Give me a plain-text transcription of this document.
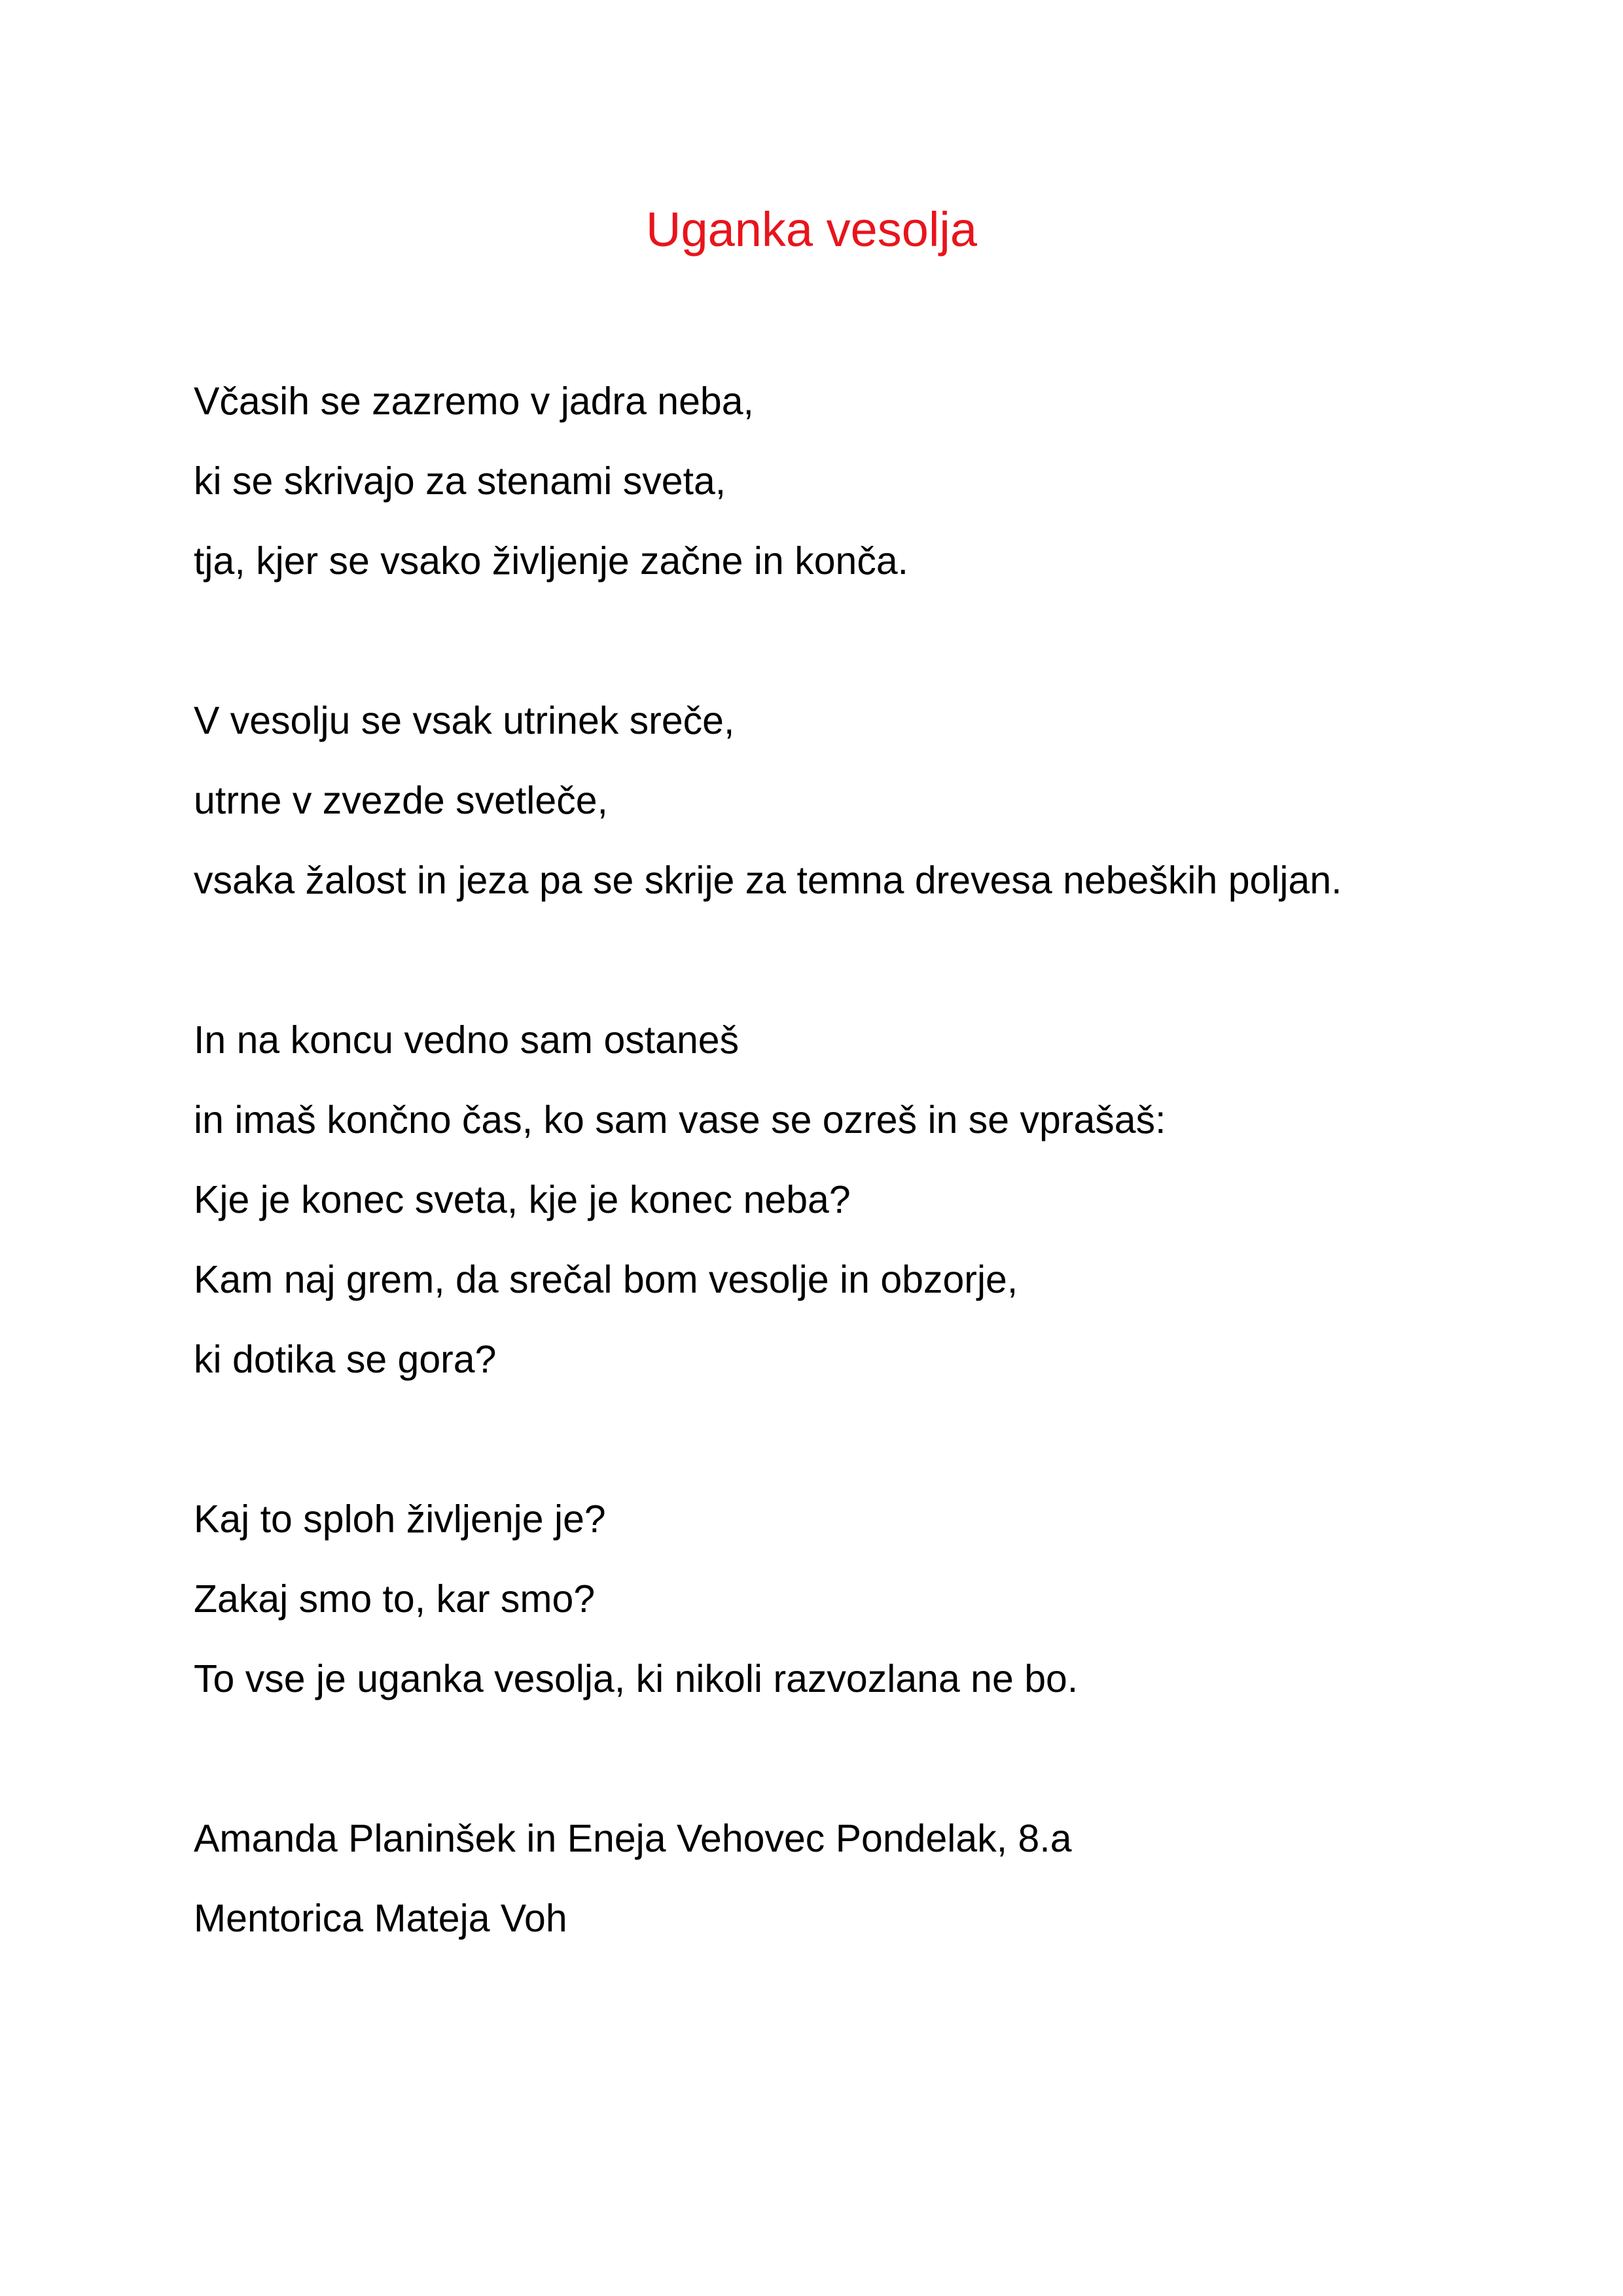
Uganka vesolja
Včasih se zazremo v jadra neba,
ki se skrivajo za stenami sveta,
tja, kjer se vsako življenje začne in konča.
V vesolju se vsak utrinek sreče,
utrne v zvezde svetleče,
vsaka žalost in jeza pa se skrije za temna drevesa nebeških poljan.
In na koncu vedno sam ostaneš
in imaš končno čas, ko sam vase se ozreš in se vprašaš:
Kje je konec sveta, kje je konec neba?
Kam naj grem, da srečal bom vesolje in obzorje,
ki dotika se gora?
Kaj to sploh življenje je?
Zakaj smo to, kar smo?
To vse je uganka vesolja, ki nikoli razvozlana ne bo.
Amanda Planinšek in Eneja Vehovec Pondelak, 8.a
Mentorica Mateja Voh
